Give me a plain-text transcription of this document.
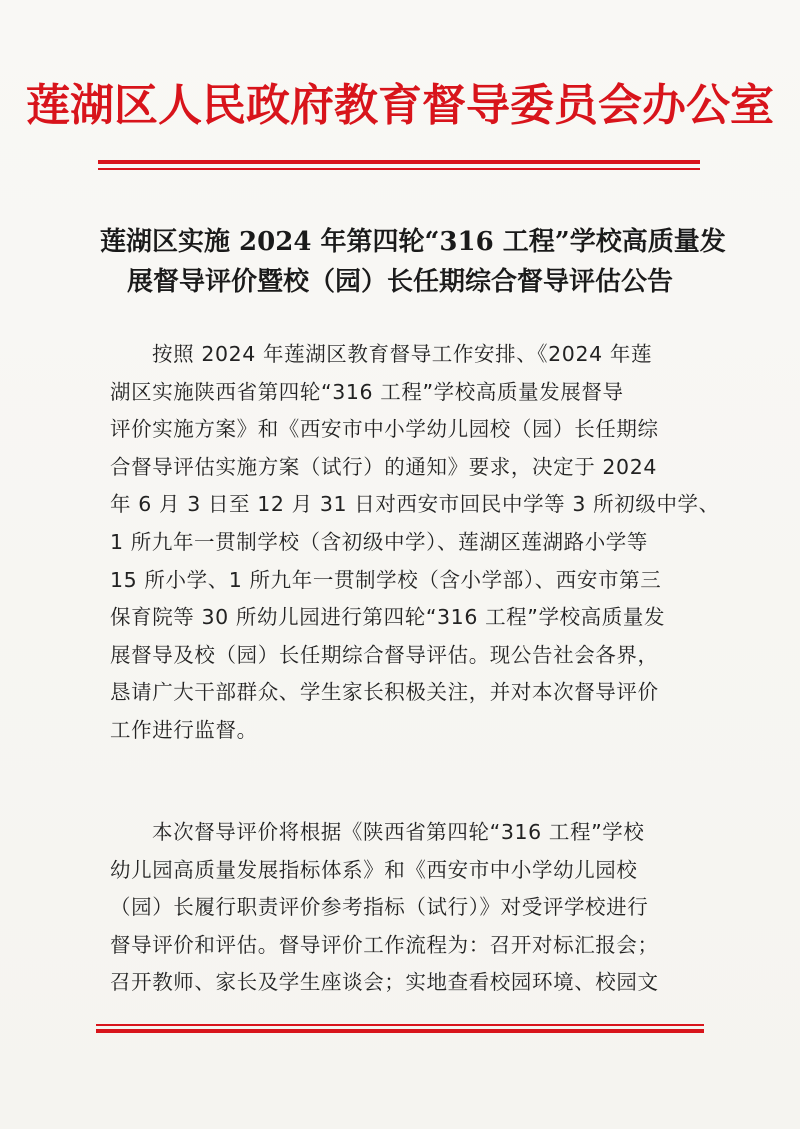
莲湖区人民政府教育督导委员会办公室
莲湖区实施 2024 年第四轮“316 工程”学校高质量发
展督导评价暨校（园）长任期综合督导评估公告
按照 2024 年莲湖区教育督导工作安排、《2024 年莲
湖区实施陕西省第四轮“316 工程”学校高质量发展督导
评价实施方案》和《西安市中小学幼儿园校（园）长任期综
合督导评估实施方案（试行）的通知》要求，决定于 2024
年 6 月 3 日至 12 月 31 日对西安市回民中学等 3 所初级中学、
1 所九年一贯制学校（含初级中学）、莲湖区莲湖路小学等
15 所小学、1 所九年一贯制学校（含小学部）、西安市第三
保育院等 30 所幼儿园进行第四轮“316 工程”学校高质量发
展督导及校（园）长任期综合督导评估。现公告社会各界，
恳请广大干部群众、学生家长积极关注，并对本次督导评价
工作进行监督。
本次督导评价将根据《陕西省第四轮“316 工程”学校
幼儿园高质量发展指标体系》和《西安市中小学幼儿园校
（园）长履行职责评价参考指标（试行）》对受评学校进行
督导评价和评估。督导评价工作流程为：召开对标汇报会；
召开教师、家长及学生座谈会；实地查看校园环境、校园文
